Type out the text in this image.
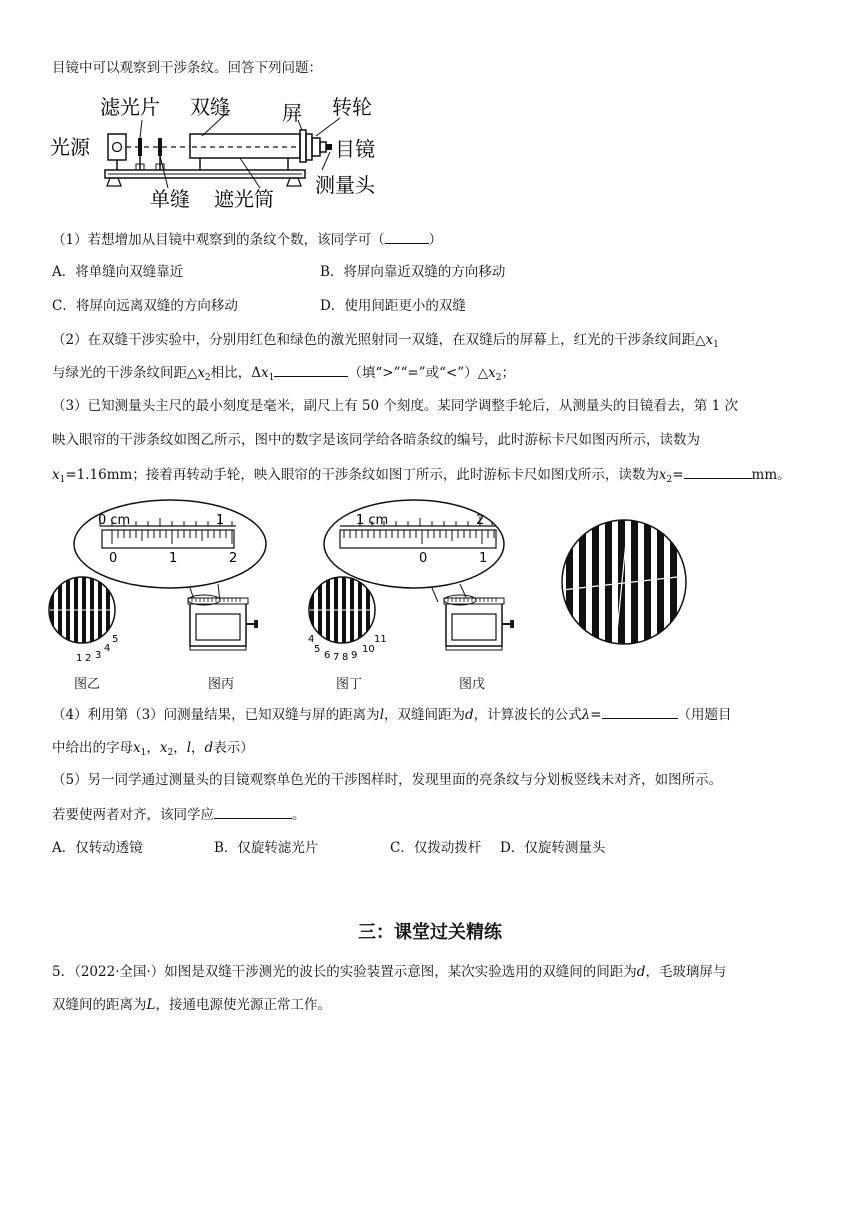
目镜中可以观察到干涉条纹。回答下列问题：
光源
滤光片 双缝	屏 转轮
目镜
单缝 遮光筒
测量头
（1）若想增加从目镜中观察到的条纹个数，该同学可（	）
A．将单缝向双缝靠近	B．将屏向靠近双缝的方向移动
C．将屏向远离双缝的方向移动	D．使用间距更小的双缝
（2）在双缝干涉实验中，分别用红色和绿色的激光照射同一双缝，在双缝后的屏幕上，红光的干涉条纹间距$\triangle x_1$
与绿光的干涉条纹间距$\triangle x_2$相比，$\Delta x_1$	（填“>”“=”或“$<”)\triangle x_2$；
（3）已知测量头主尺的最小刻度是毫米，副尺上有 50 个刻度。某同学调整手轮后，从测量头的目镜看去，第 1 次
映入眼帘的干涉条纹如图乙所示，图中的数字是该同学给各暗条纹的编号，此时游标卡尺如图丙所示，读数为
$x_1=1.16mm$；接着再转动手轮，映入眼帘的干涉条纹如图丁所示，此时游标卡尺如图戊所示，读数为$x_2=$	mm。
1 2 3
4
5
0 cm	1
0	1	2
4
5
6 7 8 9
10
11
1 cm	2
0	1
图乙	图丙	图丁	图戊
（4）利用第（3）问测量结果，已知双缝与屏的距离为l，双缝间距为d，计算波长的公式λ=	（用题目
中给出的字母$x_1$，$x_2$，l，d表示）
（5）另一同学通过测量头的目镜观察单色光的干涉图样时，发现里面的亮条纹与分划板竖线未对齐，如图所示。
若要使两者对齐，该同学应	。
A．仅转动透镜	B．仅旋转滤光片	C．仅拨动拨杆 D．仅旋转测量头
三：课堂过关精练
5．（2022·全国·）如图是双缝干涉测光的波长的实验装置示意图，某次实验选用的双缝间的间距为d，毛玻璃屏与
双缝间的距离为L，接通电源使光源正常工作。
